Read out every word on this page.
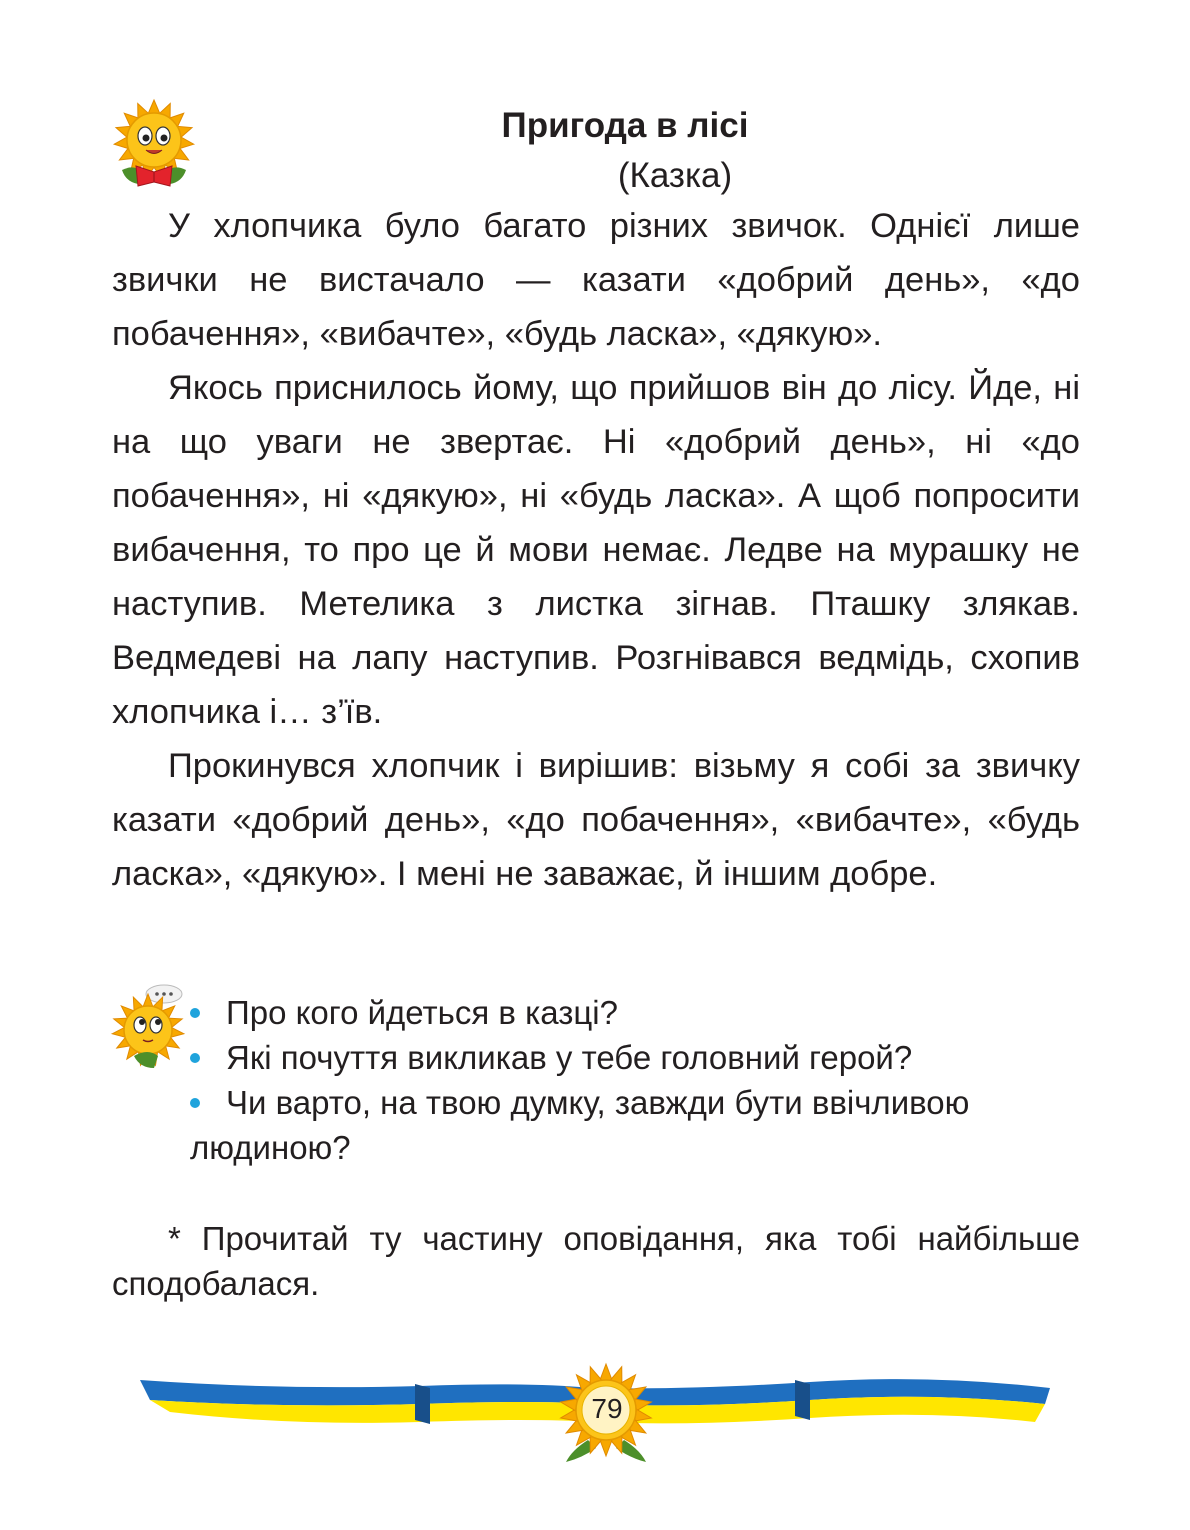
Пригода в лісі
(Казка)

У хлопчика було багато різних звичок. Однієї лише звички не вистачало — казати «добрий день», «до побачення», «вибачте», «будь ласка», «дякую».

Якось приснилось йому, що прийшов він до лісу. Йде, ні на що уваги не звертає. Ні «добрий день», ні «до побачення», ні «дякую», ні «будь ласка». А щоб попросити вибачення, то про це й мови немає. Ледве на мурашку не наступив. Метелика з листка зігнав. Пташку злякав. Ведмедеві на лапу наступив. Розгнівався ведмідь, схопив хлопчика і… з’їв.

Прокинувся хлопчик і вирішив: візьму я собі за звичку казати «добрий день», «до побачення», «вибачте», «будь ласка», «дякую». І мені не заважає, й іншим добре.

Про кого йдеться в казці?
Які почуття викликав у тебе головний герой?
Чи варто, на твою думку, завжди бути ввічливою людиною?
* Прочитай ту частину оповідання, яка тобі найбільше сподобалася.
79
